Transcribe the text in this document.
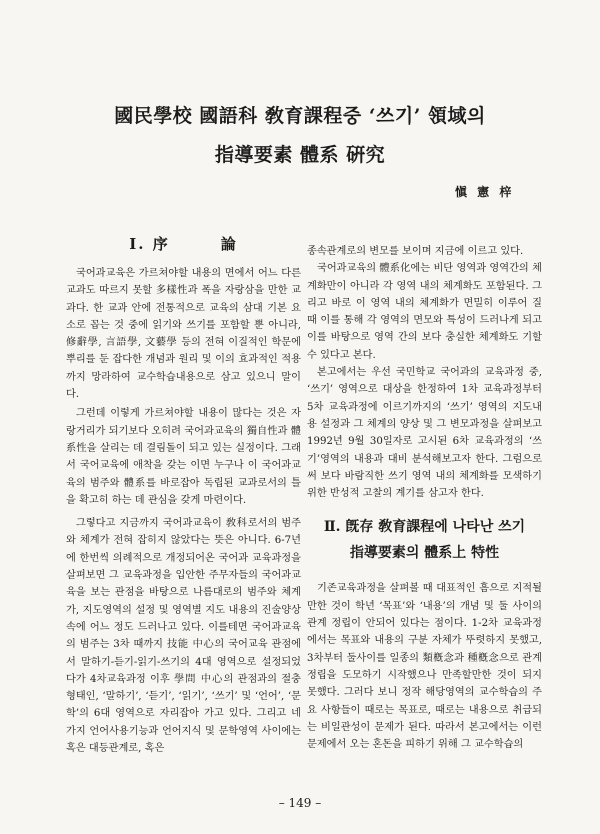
國民學校 國語科 敎育課程중 ‘쓰기’ 領域의
指導要素 體系 硏究
愼 憲 梓
Ⅰ. 序　　　論

국어과교육은 가르쳐야할 내용의 면에서 어느 다른 교과도 따르지 못할 多樣性과 폭을 자랑삼을 만한 교과다. 한 교과 안에 전통적으로 교육의 삼대 기본 요소로 꼽는 것 중에 읽기와 쓰기를 포함할 뿐 아니라, 修辭學, 言語學, 文藝學 등의 전혀 이질적인 학문에 뿌리를 둔 잡다한 개념과 원리 및 이의 효과적인 적용까지 망라하여 교수학습내용으로 삼고 있으니 말이다.

그런데 이렇게 가르쳐야할 내용이 많다는 것은 자랑거리가 되기보다 오히려 국어과교육의 獨自性과 體系性을 살리는 데 결림돌이 되고 있는 실정이다. 그래서 국어교육에 애착을 갖는 이면 누구나 이 국어과교육의 범주와 體系를 바로잡아 독립된 교과로서의 틀을 확고히 하는 데 관심을 갖게 마련이다.

그렇다고 지금까지 국어과교육이 敎科로서의 범주와 체계가 전혀 잡히지 않았다는 뜻은 아니다. 6-7년에 한번씩 의례적으로 개정되어온 국어과 교육과정을 살펴보면 그 교육과정을 입안한 주무자들의 국어과교육을 보는 관점을 바탕으로 나름대로의 범주와 체계가, 지도영역의 설정 및 영역별 지도 내용의 진술양상 속에 어느 정도 드러나고 있다. 이를테면 국어과교육의 범주는 3차 때까지 技能 中心의 국어교육 관점에서 말하기-듣기-읽기-쓰기의 4대 영역으로 설정되었다가 4차교육과정 이후 學問 中心의 관점과의 절충 형태인, ‘말하기’, ‘듣기’, ‘읽기’, ‘쓰기’ 및 ‘언어’, ‘문학’의 6대 영역으로 자리잡아 가고 있다. 그리고 네 가지 언어사용기능과 언어지식 및 문학영역 사이에는 혹은 대등관계로, 혹은

종속관계로의 변모를 보이며 지금에 이르고 있다.

국어과교육의 體系化에는 비단 영역과 영역간의 체계화만이 아니라 각 영역 내의 체계화도 포함된다. 그리고 바로 이 영역 내의 체계화가 면밀히 이루어 질 때 이를 통해 각 영역의 면모와 특성이 드러나게 되고 이를 바탕으로 영역 간의 보다 충실한 체계화도 기할 수 있다고 본다.

본고에서는 우선 국민학교 국어과의 교육과정 중, ‘쓰기’ 영역으로 대상을 한정하여 1차 교육과정부터 5차 교육과정에 이르기까지의 ‘쓰기’ 영역의 지도내용 설정과 그 체계의 양상 및 그 변모과정을 살펴보고 1992년 9월 30일자로 고시된 6차 교육과정의 ‘쓰기’영역의 내용과 대비 분석해보고자 한다. 그럼으로써 보다 바람직한 쓰기 영역 내의 체계화를 모색하기 위한 반성적 고찰의 계기를 삼고자 한다.

Ⅱ. 旣存 敎育課程에 나타난 쓰기
指導要素의 體系上 特性

기존교육과정을 살펴볼 때 대표적인 흠으로 지적될 만한 것이 학년 ‘목표’와 ‘내용’의 개념 및 둘 사이의 관계 정립이 안되어 있다는 점이다. 1-2차 교육과정에서는 목표와 내용의 구분 자체가 뚜렷하지 못했고, 3차부터 둘사이를 일종의 類槪念과 種槪念으로 관계정립을 도모하기 시작했으나 만족할만한 것이 되지 못했다. 그러다 보니 정작 해당영역의 교수학습의 주요 사항들이 때로는 목표로, 때로는 내용으로 취급되는 비일관성이 문제가 된다. 따라서 본고에서는 이런 문제에서 오는 혼돈을 피하기 위해 그 교수학습의

– 149 –
